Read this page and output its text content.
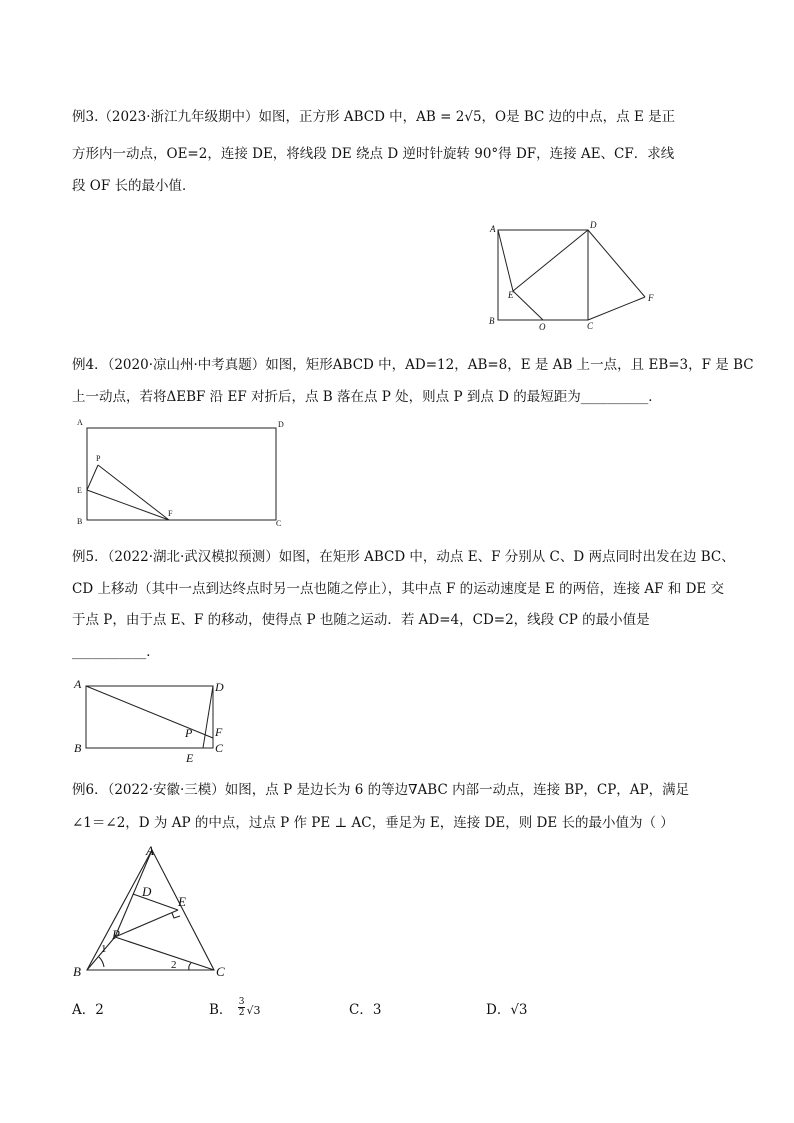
例3.（2023·浙江九年级期中）如图，正方形 ABCD 中，AB = 2√5，O是 BC 边的中点，点 E 是正
方形内一动点，OE=2，连接 DE，将线段 DE 绕点 D 逆时针旋转 90°得 DF，连接 AE、CF．求线
段 OF 长的最小值．
A
B	C
D
E	F
O
例4．（2020·凉山州·中考真题）如图，矩形ABCD 中，AD=12，AB=8，E 是 AB 上一点，且 EB=3，F 是 BC
上一动点，若将ΔEBF 沿 EF 对折后，点 B 落在点 P 处，则点 P 到点 D 的最短距为__________．
A
B	C
D
E
F
P
例5．（2022·湖北·武汉模拟预测）如图，在矩形 ABCD 中，动点 E、F 分别从 C、D 两点同时出发在边 BC、
CD 上移动（其中一点到达终点时另一点也随之停止），其中点 F 的运动速度是 E 的两倍，连接 AF 和 DE 交
于点 P，由于点 E、F 的移动，使得点 P 也随之运动．若 AD=4，CD=2，线段 CP 的最小值是
___________．
A
B	C
D
E
F
P
例6．（2022·安徽·三模）如图，点 P 是边长为 6 的等边∇ABC 内部一动点，连接 BP，CP，AP，满足
∠1＝∠2，D 为 AP 的中点，过点 P 作 PE ⊥ AC，垂足为 E，连接 DE，则 DE 长的最小值为（ ）
A
B	C
D
E
P
1
2
A．2	B． $\frac{3}{2} √3$	C．3	D．√3
